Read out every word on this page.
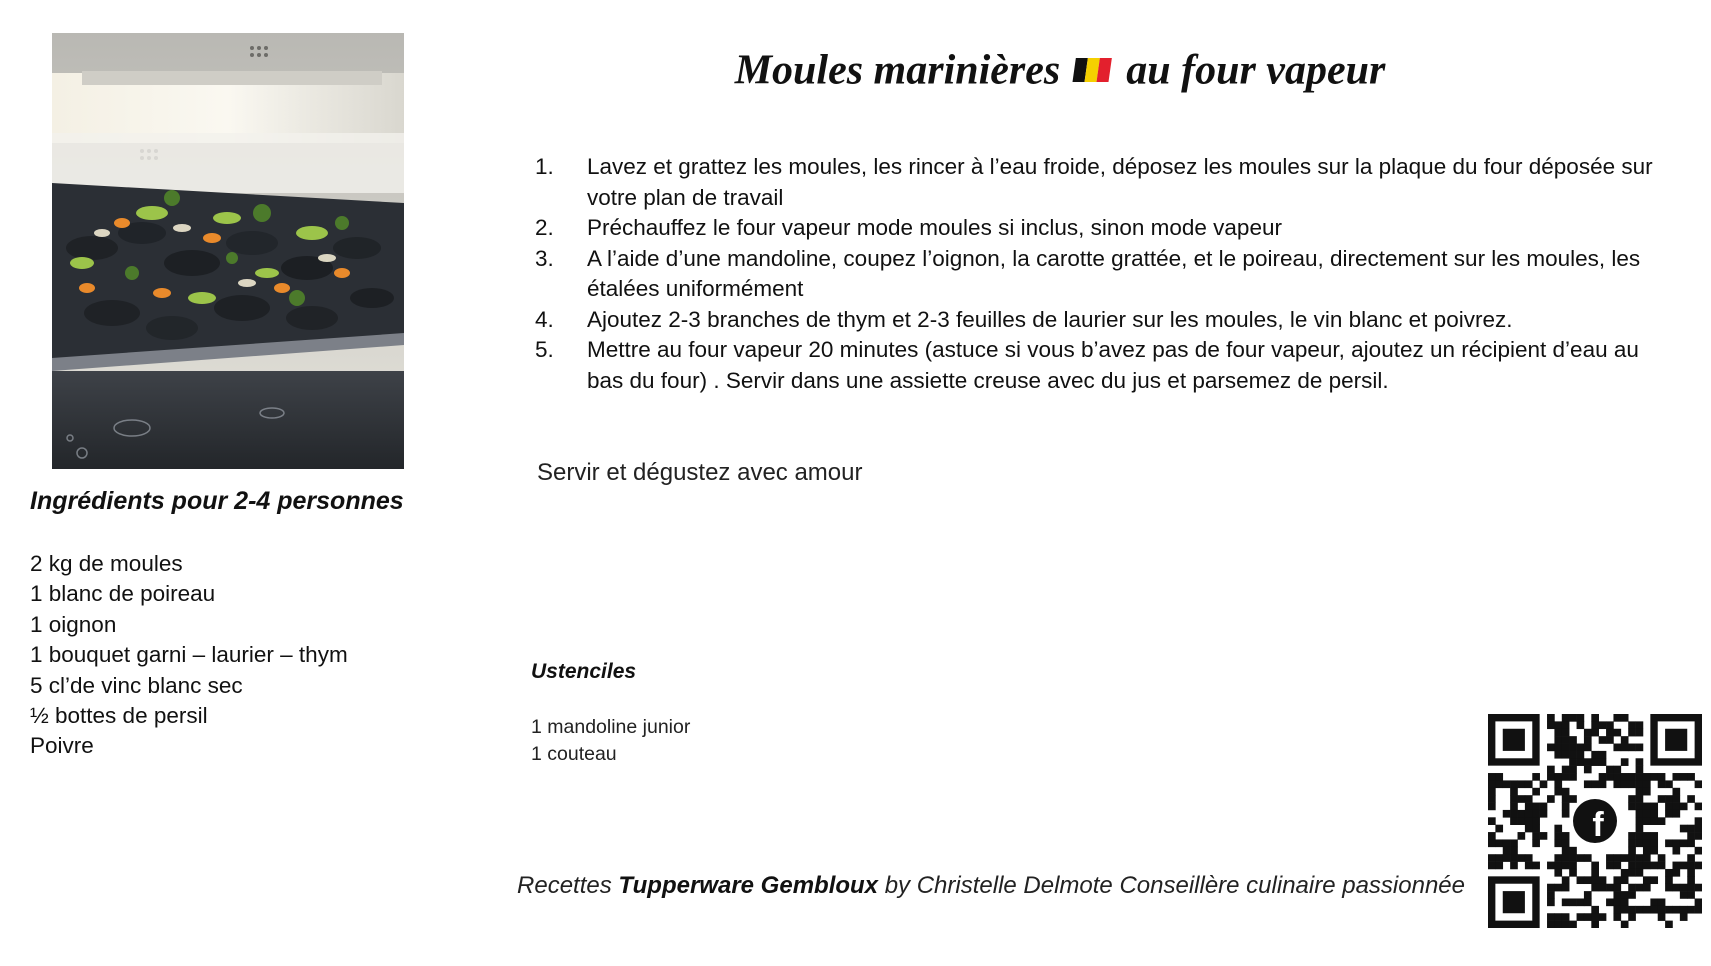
Moules marinières au four vapeur
1. Lavez et grattez les moules, les rincer à l’eau froide, déposez les moules sur la plaque du four déposée sur votre plan de travail
2. Préchauffez le four vapeur mode moules si inclus, sinon mode vapeur
3. A l’aide d’une mandoline, coupez l’oignon, la carotte grattée, et le poireau, directement sur les moules, les étalées uniformément
4. Ajoutez 2-3 branches de thym et 2-3 feuilles de laurier sur les moules, le vin blanc et poivrez.
5. Mettre au four vapeur 20 minutes (astuce si vous b’avez pas de four vapeur, ajoutez un récipient d’eau au bas du four) . Servir dans une assiette creuse avec du jus et parsemez de persil.
Servir et dégustez avec amour
Ingrédients pour 2-4 personnes
2 kg de moules
1 blanc de poireau
1 oignon
1 bouquet garni – laurier – thym
5 cl’de vinc blanc sec
½ bottes de persil
Poivre
Ustenciles
1 mandoline junior
1 couteau
Recettes Tupperware Gembloux by Christelle Delmote Conseillère culinaire passionnée
f
